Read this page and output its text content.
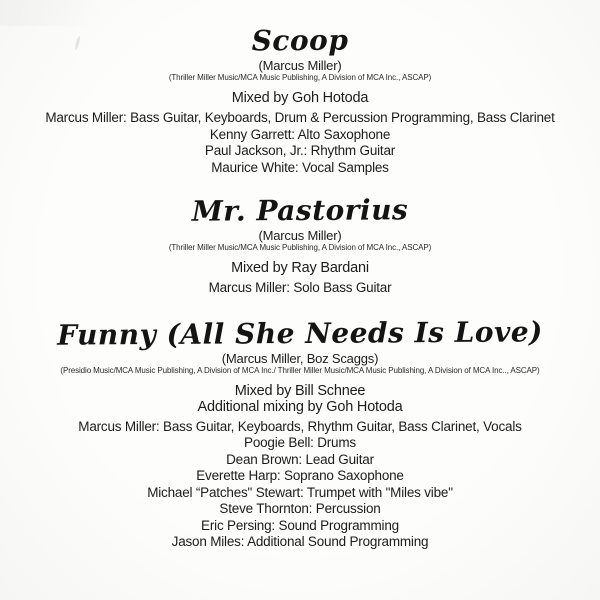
Scoop
(Marcus Miller)
(Thriller Miller Music/MCA Music Publishing, A Division of MCA Inc., ASCAP)
Mixed by Goh Hotoda
Marcus Miller: Bass Guitar, Keyboards, Drum & Percussion Programming, Bass Clarinet
Kenny Garrett: Alto Saxophone
Paul Jackson, Jr.: Rhythm Guitar
Maurice White: Vocal Samples
Mr. Pastorius
(Marcus Miller)
(Thriller Miller Music/MCA Music Publishing, A Division of MCA Inc., ASCAP)
Mixed by Ray Bardani
Marcus Miller: Solo Bass Guitar
Funny (All She Needs Is Love)
(Marcus Miller, Boz Scaggs)
(Presidio Music/MCA Music Publishing, A Division of MCA Inc./ Thriller Miller Music/MCA Music Publishing, A Division of MCA Inc.., ASCAP)
Mixed by Bill Schnee
Additional mixing by Goh Hotoda
Marcus Miller: Bass Guitar, Keyboards, Rhythm Guitar, Bass Clarinet, Vocals
Poogie Bell: Drums
Dean Brown: Lead Guitar
Everette Harp: Soprano Saxophone
Michael “Patches" Stewart: Trumpet with "Miles vibe"
Steve Thornton: Percussion
Eric Persing: Sound Programming
Jason Miles: Additional Sound Programming
